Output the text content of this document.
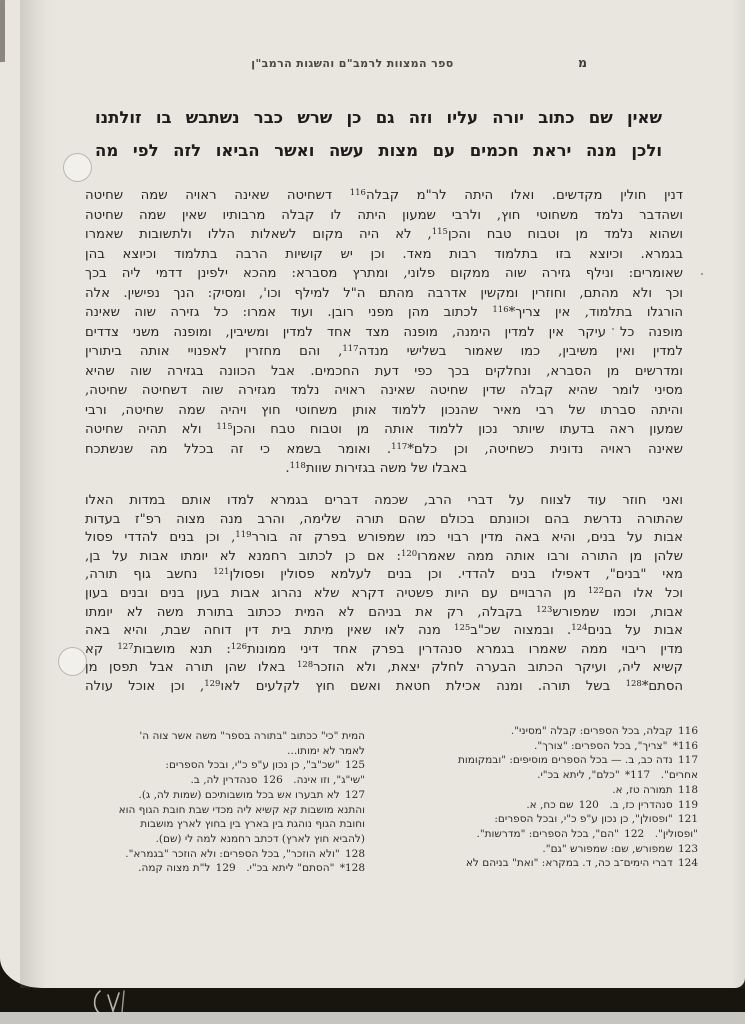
ספר המצוות לרמב"ם והשגות הרמב"ן	מ
שאין שם כתוב יורה עליו וזה גם כן שרש כבר נשתבש בו זולתנו
ולכן מנה יראת חכמים עם מצות עשה ואשר הביאו לזה לפי מה
דנין חולין מקדשים. ואלו היתה לר"מ קבלה$^{116}$ דשחיטה שאינה ראויה שמה שחיטה
ושהדבר נלמד משחוטי חוץ, ולרבי שמעון היתה לו קבלה מרבותיו שאין שמה שחיטה
ושהוא נלמד מן וטבוח טבח והכן$^{115}$, לא היה מקום לשאלות הללו ולתשובות שאמרו
בגמרא. וכיוצא בזו בתלמוד רבות מאד. וכן יש קושיות הרבה בתלמוד וכיוצא בהן
שאומרים: ונילף גזירה שוה ממקום פלוני, ומתרץ מסברא: מהכא ילפינן דדמי ליה בכך
וכך ולא מהתם, וחוזרין ומקשין אדרבה מהתם ה"ל למילף וכו', ומסיק: הנך נפישין. אלה
הורגלו בתלמוד, אין צריך*$^{116}$ לכתוב מהן מפני רובן. ועוד אמרו: כל גזירה שוה שאינה
מופנה כל עיקר אין למדין הימנה, מופנה מצד אחד למדין ומשיבין, ומופנה משני צדדים
למדין ואין משיבין, כמו שאמור בשלישי מנדה$^{117}$, והם מחזרין לאפנויי אותה ביתורין
ומדרשים מן הסברא, ונחלקים בכך כפי דעת החכמים. אבל הכוונה בגזירה שוה שהיא
מסיני לומר שהיא קבלה שדין שחיטה שאינה ראויה נלמד מגזירה שוה דשחיטה שחיטה,
והיתה סברתו של רבי מאיר שהנכון ללמוד אותן משחוטי חוץ ויהיה שמה שחיטה, ורבי
שמעון ראה בדעתו שיותר נכון ללמוד אותה מן וטבוח טבח והכן$^{115}$ ולא תהיה שחיטה
שאינה ראויה נדונית כשחיטה, וכן כלם*$^{117}$. ואומר בשמא כי זה בכלל מה שנשתכח
באבלו של משה בגזירות שוות$^{118}$.
ואני חוזר עוד לצווח על דברי הרב, שכמה דברים בגמרא למדו אותם במדות האלו
שהתורה נדרשת בהם וכוונתם בכולם שהם תורה שלימה, והרב מנה מצוה רפ"ז בעדות
אבות על בנים, והיא באה מדין רבוי כמו שמפורש בפרק זה בורר$^{119}$, וכן בנים להדדי פסול
שלהן מן התורה ורבו אותה ממה שאמרו$^{120}$: אם כן לכתוב רחמנא לא יומתו אבות על בן,
מאי "בנים", דאפילו בנים להדדי. וכן בנים לעלמא פסולין ופסולן$^{121}$ נחשב גוף תורה,
וכל אלו הם$^{122}$ מן הרבויים עם היות פשטיה דקרא שלא נהרוג אבות בעון בנים ובנים בעון
אבות, וכמו שמפורש$^{123}$ בקבלה, רק את בניהם לא המית ככתוב בתורת משה לא יומתו
אבות על בנים$^{124}$. ובמצוה שכ"ב$^{125}$ מנה לאו שאין מיתת בית דין דוחה שבת, והיא באה
מדין ריבוי ממה שאמרו בגמרא סנהדרין בפרק אחד דיני ממונות$^{126}$: תנא מושבות$^{127}$ קא
קשיא ליה, ועיקר הכתוב הבערה לחלק יצאת, ולא הוזכר$^{128}$ באלו שהן תורה אבל תפסן מן
הסתם*$^{128}$ בשל תורה. ומנה אכילת חטאת ואשם חוץ לקלעים לאו$^{129}$, וכן אוכל עולה
116 קבלה, בכל הספרים: קבלה "מסיני".
116* "צריך", בכל הספרים: "צורך".
117 נדה כב, ב. — בכל הספרים מוסיפים: "ובמקומות
אחרים". 117* "כלם", ליתא בכ"י.
118 תמורה טז, א.
119 סנהדרין כז, ב. 120 שם כח, א.
121 "ופסולן", כן נכון ע"פ כ"י, ובכל הספרים:
"ופסולין". 122 "הם", בכל הספרים: "מדרשות".
123 שמפורש, שם: שמפורש "גם".
124 דברי הימים־ב כה, ד. במקרא: "ואת" בניהם לא
המית "כי" ככתוב "בתורה בספר" משה אשר צוה ה'
לאמר לא ימותו...
125 "שכ"ב", כן נכון ע"פ כ"י, ובכל הספרים:
"שי"ג", וזו אינה. 126 סנהדרין לה, ב.
127 לא תבערו אש בכל מושבותיכם (שמות לה, ג).
והתנא מושבות קא קשיא ליה מכדי שבת חובת הגוף הוא
וחובת הגוף נוהגת בין בארץ בין בחוץ לארץ מושבות
(להביא חוץ לארץ) דכתב רחמנא למה לי (שם).
128 "ולא הוזכר", בכל הספרים: ולא הוזכר "בגמרא".
128* "הסתם" ליתא בכ"י. 129 ל"ת מצוה קמה.
